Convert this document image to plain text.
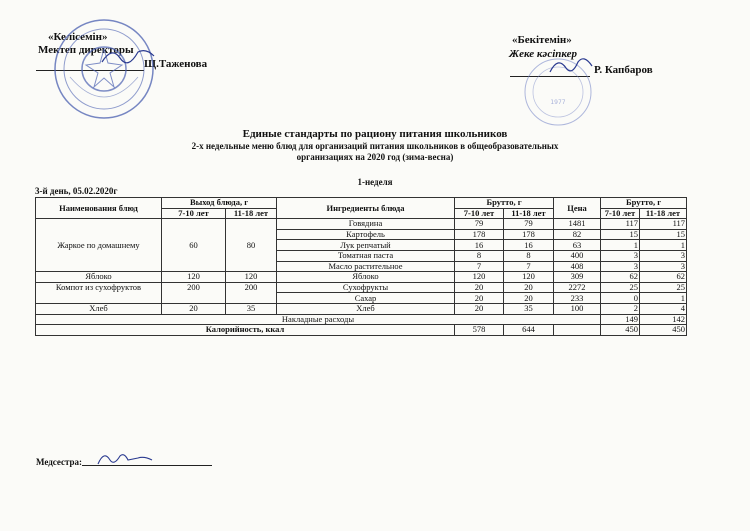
«Келісемін»
Мектеп директоры
Щ.Таженова
«Бекітемін»
Жеке кәсіпкер
Р. Капбаров
1977
Единые стандарты по рациону питания школьников
2-х недельные меню блюд для организаций питания школьников в общеобразовательных
организациях на 2020 год (зима-весна)
1-неделя
3-й день, 05.02.2020г
Наименования блюд	Выход блюда, г		Ингредиенты блюда	Брутто, г		Цена	Брутто, г	
	7-10 лет	11-18 лет		7-10 лет	11-18 лет		7-10 лет	11-18 лет
Жаркое по домашнему	60	80	Говядина	79	79	1481	117	117
			Картофель	178	178	82	15	15
			Лук репчатый	16	16	63	1	1
			Томатная паста	8	8	400	3	3
			Масло растительное	7	7	408	3	3
Яблоко	120	120	Яблоко	120	120	309	62	62
Компот из сухофруктов	200	200	Сухофрукты	20	20	2272	25	25
			Сахар	20	20	233	0	1
Хлеб	20	35	Хлеб	20	35	100	2	4
Накладные расходы							149	142
Калорийность, ккал				578	644		450	450
Медсестра:
